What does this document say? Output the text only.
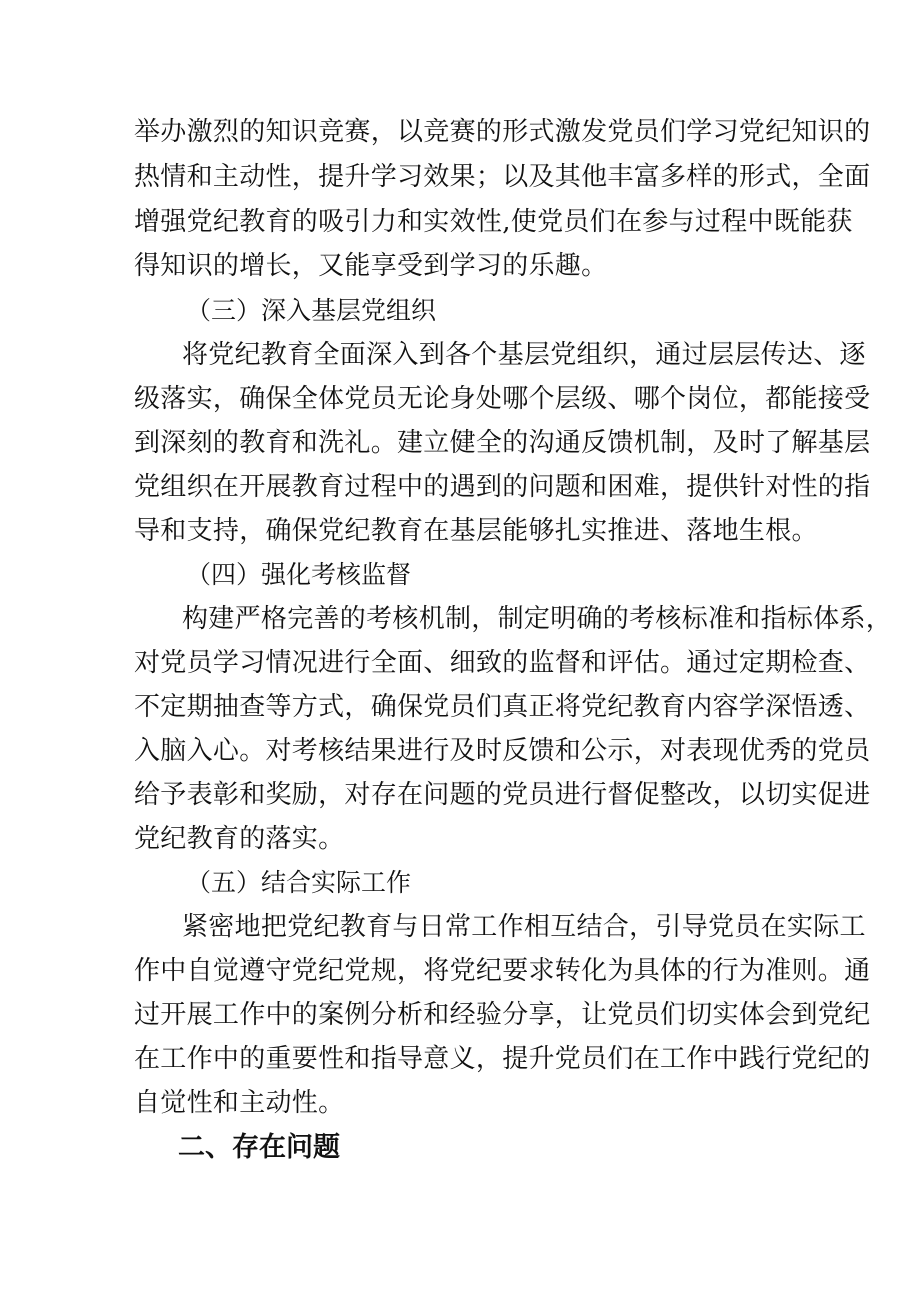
举办激烈的知识竞赛，以竞赛的形式激发党员们学习党纪知识的
热情和主动性，提升学习效果；以及其他丰富多样的形式，全面
增强党纪教育的吸引力和实效性,使党员们在参与过程中既能获
得知识的增长，又能享受到学习的乐趣。
（三）深入基层党组织
将党纪教育全面深入到各个基层党组织，通过层层传达、逐
级落实，确保全体党员无论身处哪个层级、哪个岗位，都能接受
到深刻的教育和洗礼。建立健全的沟通反馈机制，及时了解基层
党组织在开展教育过程中的遇到的问题和困难，提供针对性的指
导和支持，确保党纪教育在基层能够扎实推进、落地生根。
（四）强化考核监督
构建严格完善的考核机制，制定明确的考核标准和指标体系，
对党员学习情况进行全面、细致的监督和评估。通过定期检查、
不定期抽查等方式，确保党员们真正将党纪教育内容学深悟透、
入脑入心。对考核结果进行及时反馈和公示，对表现优秀的党员
给予表彰和奖励，对存在问题的党员进行督促整改，以切实促进
党纪教育的落实。
（五）结合实际工作
紧密地把党纪教育与日常工作相互结合，引导党员在实际工
作中自觉遵守党纪党规，将党纪要求转化为具体的行为准则。通
过开展工作中的案例分析和经验分享，让党员们切实体会到党纪
在工作中的重要性和指导意义，提升党员们在工作中践行党纪的
自觉性和主动性。
二、存在问题
